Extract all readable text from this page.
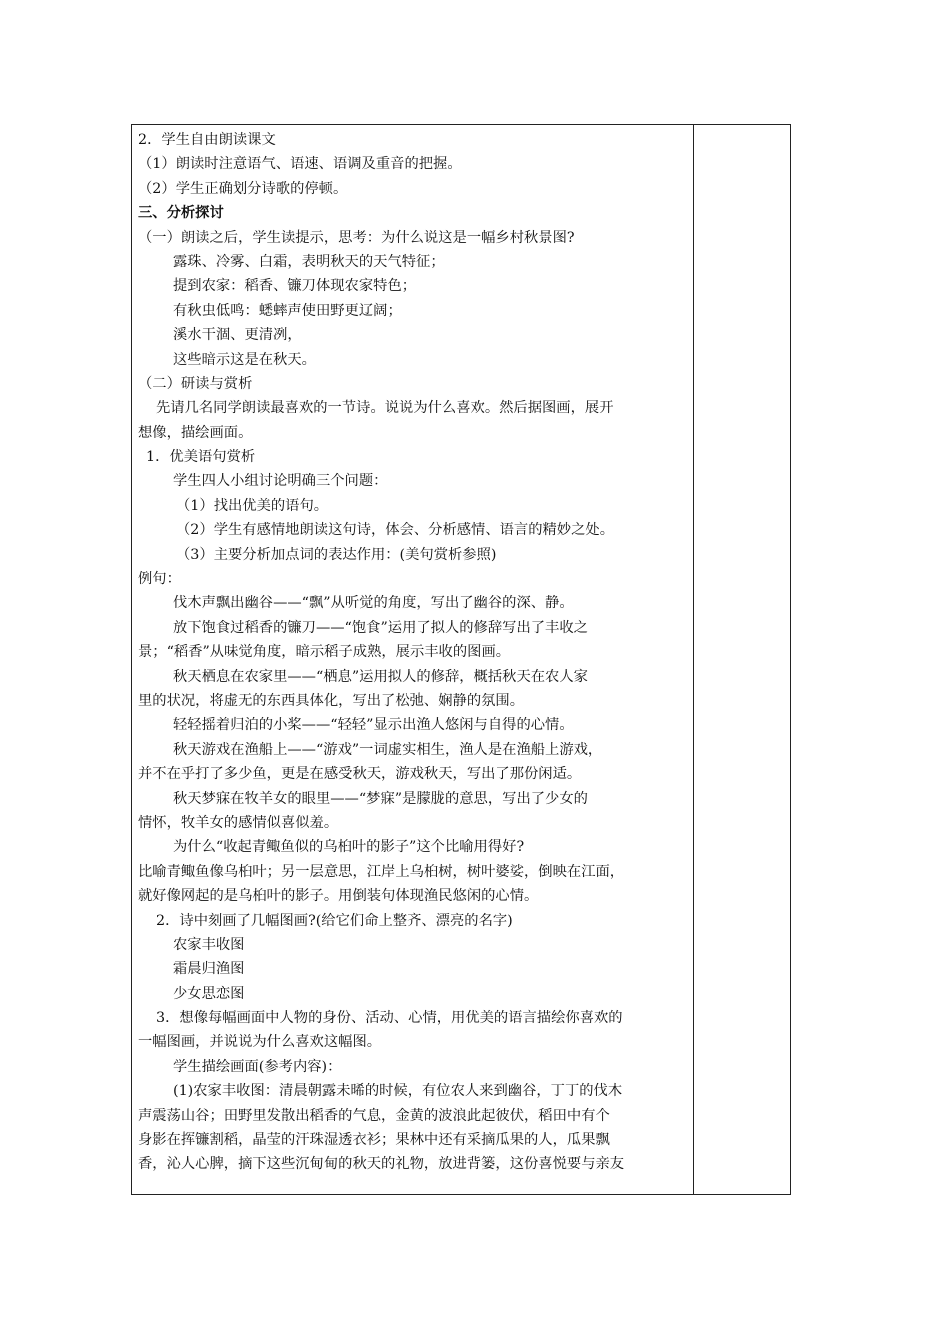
2．学生自由朗读课文
（1）朗读时注意语气、语速、语调及重音的把握。
（2）学生正确划分诗歌的停顿。
三、分析探讨
（一）朗读之后，学生读提示，思考：为什么说这是一幅乡村秋景图?
露珠、冷雾、白霜，表明秋天的天气特征；
提到农家：稻香、镰刀体现农家特色；
有秋虫低鸣：蟋蟀声使田野更辽阔；
溪水干涸、更清冽，
这些暗示这是在秋天。
（二）研读与赏析
先请几名同学朗读最喜欢的一节诗。说说为什么喜欢。然后据图画，展开
想像，描绘画面。
1．优美语句赏析
学生四人小组讨论明确三个问题：
（1）找出优美的语句。
（2）学生有感情地朗读这句诗，体会、分析感情、语言的精妙之处。
（3）主要分析加点词的表达作用：(美句赏析参照)
例句：
伐木声飘出幽谷——“飘”从听觉的角度，写出了幽谷的深、静。
放下饱食过稻香的镰刀——“饱食”运用了拟人的修辞写出了丰收之
景；“稻香”从味觉角度，暗示稻子成熟，展示丰收的图画。
秋天栖息在农家里——“栖息”运用拟人的修辞，概括秋天在农人家
里的状况，将虚无的东西具体化，写出了松弛、娴静的氛围。
轻轻摇着归泊的小桨——“轻轻”显示出渔人悠闲与自得的心情。
秋天游戏在渔船上——“游戏”一词虚实相生，渔人是在渔船上游戏，
并不在乎打了多少鱼，更是在感受秋天，游戏秋天，写出了那份闲适。
秋天梦寐在牧羊女的眼里——“梦寐”是朦胧的意思，写出了少女的
情怀，牧羊女的感情似喜似羞。
为什么“收起青鲰鱼似的乌桕叶的影子”这个比喻用得好?
比喻青鲰鱼像乌桕叶；另一层意思，江岸上乌桕树，树叶婆娑，倒映在江面，
就好像网起的是乌桕叶的影子。用倒装句体现渔民悠闲的心情。
2．诗中刻画了几幅图画?(给它们命上整齐、漂亮的名字)
农家丰收图
霜晨归渔图
少女思恋图
3．想像每幅画面中人物的身份、活动、心情，用优美的语言描绘你喜欢的
一幅图画，并说说为什么喜欢这幅图。
学生描绘画面(参考内容)：
(1)农家丰收图：清晨朝露未晞的时候，有位农人来到幽谷，丁丁的伐木
声震荡山谷；田野里发散出稻香的气息，金黄的波浪此起彼伏，稻田中有个
身影在挥镰割稻，晶莹的汗珠湿透衣衫；果林中还有采摘瓜果的人，瓜果飘
香，沁人心脾，摘下这些沉甸甸的秋天的礼物，放进背篓，这份喜悦要与亲友
